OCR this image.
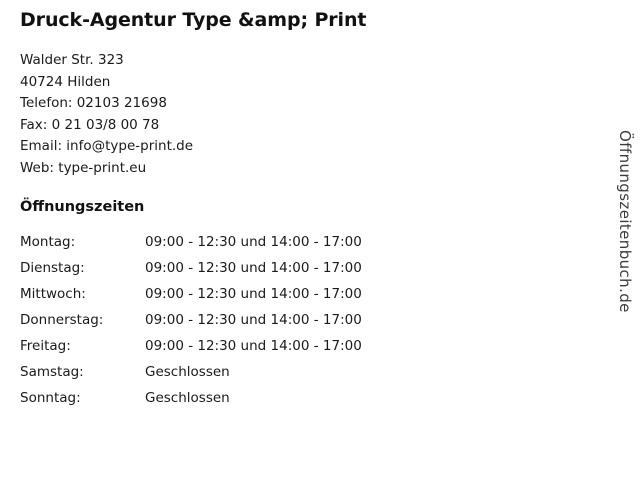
Druck-Agentur Type &amp; Print
Walder Str. 323
40724 Hilden
Telefon: 02103 21698
Fax: 0 21 03/8 00 78
Email: info@type-print.de
Web: type-print.eu
Öffnungszeiten
Montag:	09:00 - 12:30 und 14:00 - 17:00
Dienstag:	09:00 - 12:30 und 14:00 - 17:00
Mittwoch:	09:00 - 12:30 und 14:00 - 17:00
Donnerstag:	09:00 - 12:30 und 14:00 - 17:00
Freitag:	09:00 - 12:30 und 14:00 - 17:00
Samstag:	Geschlossen
Sonntag:	Geschlossen
Öffnungszeitenbuch.de
